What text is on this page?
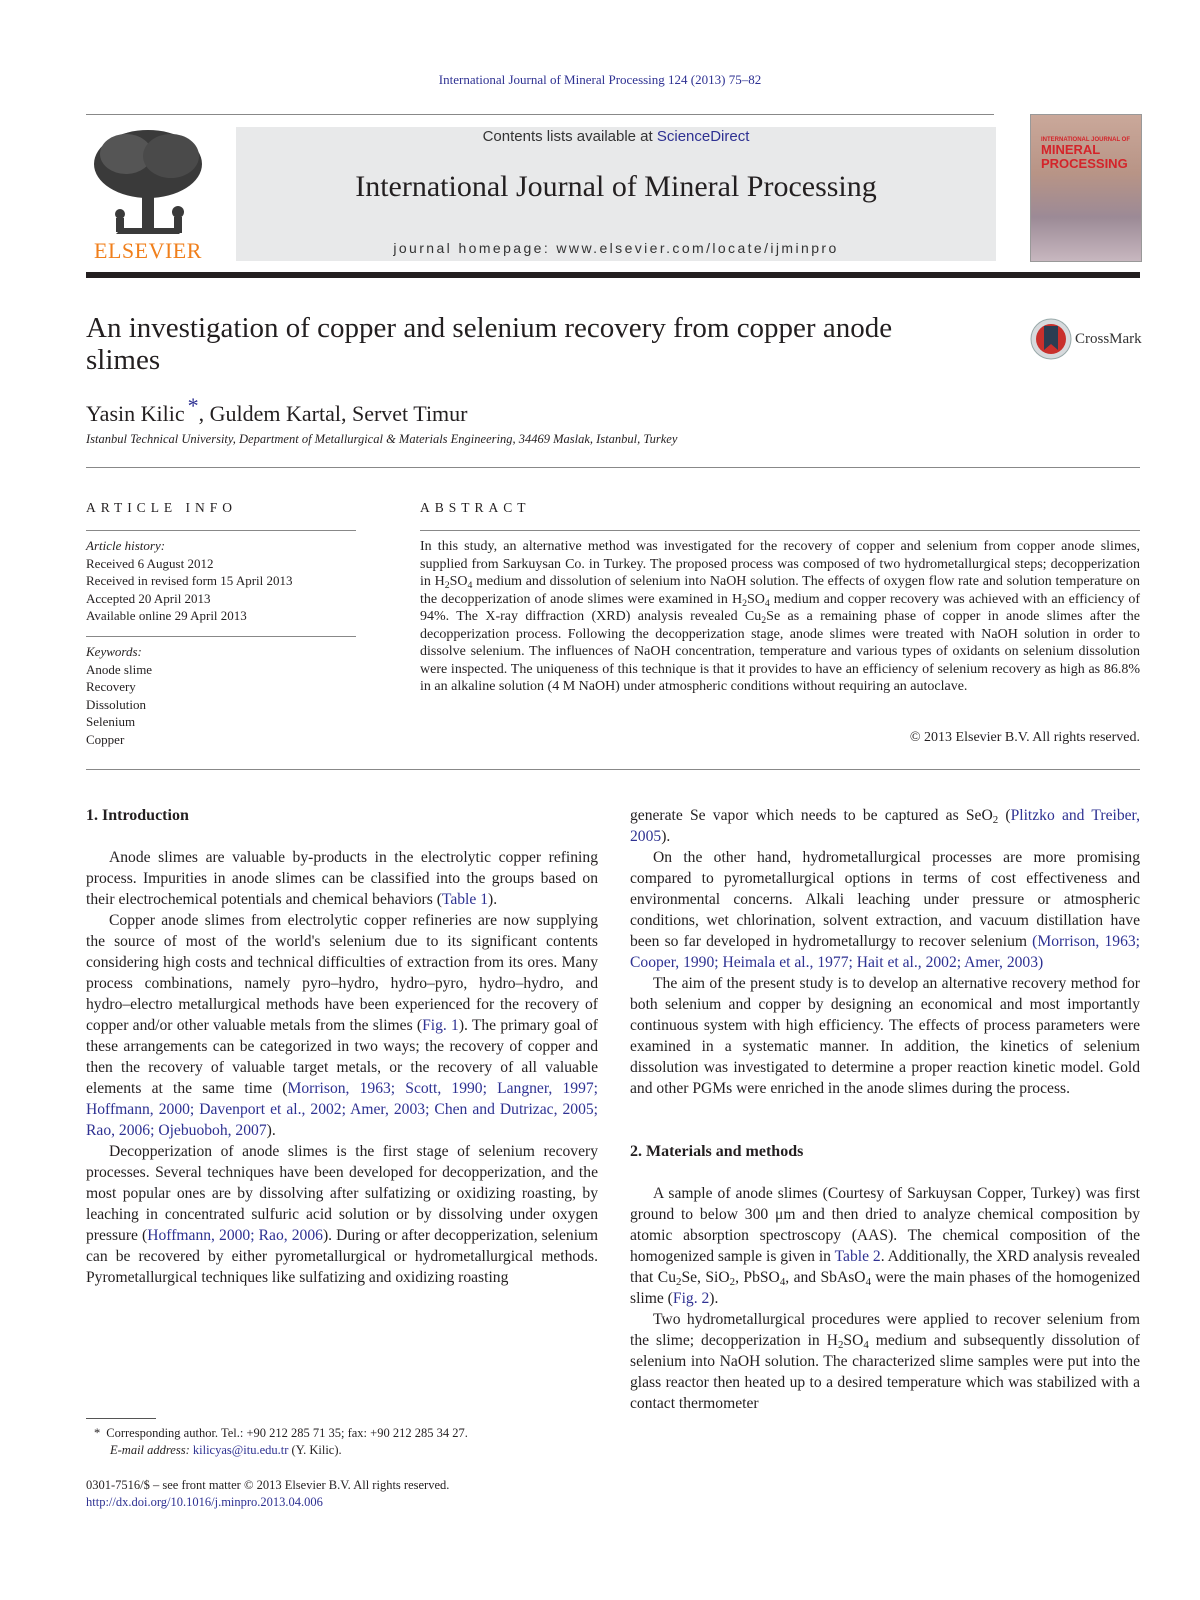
International Journal of Mineral Processing 124 (2013) 75–82
ELSEVIER
Contents lists available at ScienceDirect
International Journal of Mineral Processing
journal homepage: www.elsevier.com/locate/ijminpro
INTERNATIONAL JOURNAL OF
MINERAL
PROCESSING
An investigation of copper and selenium recovery from copper anode slimes
CrossMark
Yasin Kilic *, Guldem Kartal, Servet Timur
Istanbul Technical University, Department of Metallurgical & Materials Engineering, 34469 Maslak, Istanbul, Turkey
ARTICLE INFO	ABSTRACT
Article history:
Received 6 August 2012
Received in revised form 15 April 2013
Accepted 20 April 2013
Available online 29 April 2013
Keywords:
Anode slime
Recovery
Dissolution
Selenium
Copper
In this study, an alternative method was investigated for the recovery of copper and selenium from copper anode slimes, supplied from Sarkuysan Co. in Turkey. The proposed process was composed of two hydrometallurgical steps; decopperization in $H_2SO_4$ medium and dissolution of selenium into NaOH solution. The effects of oxygen flow rate and solution temperature on the decopperization of anode slimes were examined in $H_2SO_4$ medium and copper recovery was achieved with an efficiency of 94%. The X-ray diffraction (XRD) analysis revealed $Cu_2Se$ as a remaining phase of copper in anode slimes after the decopperization process. Following the decopperization stage, anode slimes were treated with NaOH solution in order to dissolve selenium. The influences of NaOH concentration, temperature and various types of oxidants on selenium dissolution were inspected. The uniqueness of this technique is that it provides to have an efficiency of selenium recovery as high as 86.8% in an alkaline solution (4 M NaOH) under atmospheric conditions without requiring an autoclave.
© 2013 Elsevier B.V. All rights reserved.
1. Introduction

Anode slimes are valuable by-products in the electrolytic copper refining process. Impurities in anode slimes can be classified into the groups based on their electrochemical potentials and chemical behaviors (Table 1).

Copper anode slimes from electrolytic copper refineries are now supplying the source of most of the world's selenium due to its significant contents considering high costs and technical difficulties of extraction from its ores. Many process combinations, namely pyro–hydro, hydro–pyro, hydro–hydro, and hydro–electro metallurgical methods have been experienced for the recovery of copper and/or other valuable metals from the slimes (Fig. 1). The primary goal of these arrangements can be categorized in two ways; the recovery of copper and then the recovery of valuable target metals, or the recovery of all valuable elements at the same time (Morrison, 1963; Scott, 1990; Langner, 1997; Hoffmann, 2000; Davenport et al., 2002; Amer, 2003; Chen and Dutrizac, 2005; Rao, 2006; Ojebuoboh, 2007).

Decopperization of anode slimes is the first stage of selenium recovery processes. Several techniques have been developed for decopperization, and the most popular ones are by dissolving after sulfatizing or oxidizing roasting, by leaching in concentrated sulfuric acid solution or by dissolving under oxygen pressure (Hoffmann, 2000; Rao, 2006). During or after decopperization, selenium can be recovered by either pyrometallurgical or hydrometallurgical methods. Pyrometallurgical techniques like sulfatizing and oxidizing roasting

generate Se vapor which needs to be captured as SeO$_2$ (Plitzko and Treiber, 2005).

On the other hand, hydrometallurgical processes are more promising compared to pyrometallurgical options in terms of cost effectiveness and environmental concerns. Alkali leaching under pressure or atmospheric conditions, wet chlorination, solvent extraction, and vacuum distillation have been so far developed in hydrometallurgy to recover selenium (Morrison, 1963; Cooper, 1990; Heimala et al., 1977; Hait et al., 2002; Amer, 2003)

The aim of the present study is to develop an alternative recovery method for both selenium and copper by designing an economical and most importantly continuous system with high efficiency. The effects of process parameters were examined in a systematic manner. In addition, the kinetics of selenium dissolution was investigated to determine a proper reaction kinetic model. Gold and other PGMs were enriched in the anode slimes during the process.

2. Materials and methods

A sample of anode slimes (Courtesy of Sarkuysan Copper, Turkey) was first ground to below 300 μm and then dried to analyze chemical composition by atomic absorption spectroscopy (AAS). The chemical composition of the homogenized sample is given in Table 2. Additionally, the XRD analysis revealed that $Cu_2Se$, SiO$_2$, PbSO$_4$, and SbAsO$_4$ were the main phases of the homogenized slime (Fig. 2).

Two hydrometallurgical procedures were applied to recover selenium from the slime; decopperization in $H_2SO_4$ medium and subsequently dissolution of selenium into NaOH solution. The characterized slime samples were put into the glass reactor then heated up to a desired temperature which was stabilized with a contact thermometer

* Corresponding author. Tel.: +90 212 285 71 35; fax: +90 212 285 34 27.
E-mail address: kilicyas@itu.edu.tr (Y. Kilic).
0301-7516/$ – see front matter © 2013 Elsevier B.V. All rights reserved.
http://dx.doi.org/10.1016/j.minpro.2013.04.006
